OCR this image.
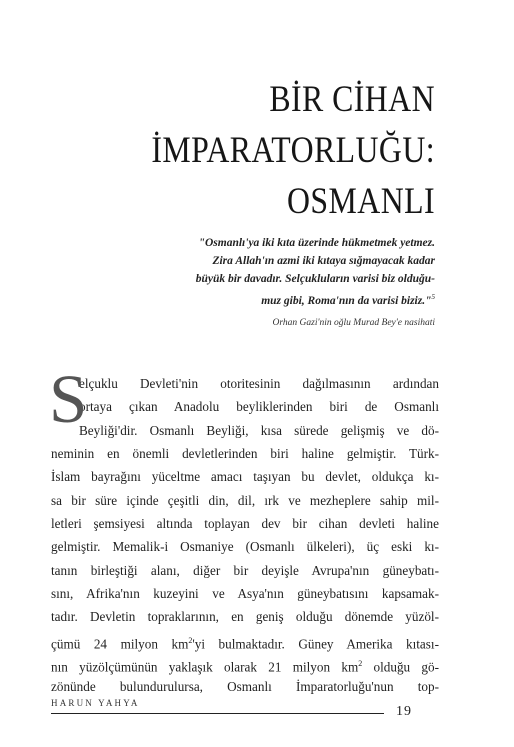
BİR CİHAN
İMPARATORLUĞU:
OSMANLI
"Osmanlı'ya iki kıta üzerinde hükmetmek yetmez.
Zira Allah'ın azmi iki kıtaya sığmayacak kadar
büyük bir davadır. Selçukluların varisi biz olduğu-
muz gibi, Roma'nın da varisi biziz."$^5$
Orhan Gazi'nin oğlu Murad Bey'e nasihati
S
elçuklu Devleti'nin otoritesinin dağılmasının ardından
ortaya çıkan Anadolu beyliklerinden biri de Osmanlı
Beyliği'dir. Osmanlı Beyliği, kısa sürede gelişmiş ve dö-
neminin en önemli devletlerinden biri haline gelmiştir. Türk-
İslam bayrağını yüceltme amacı taşıyan bu devlet, oldukça kı-
sa bir süre içinde çeşitli din, dil, ırk ve mezheplere sahip mil-
letleri şemsiyesi altında toplayan dev bir cihan devleti haline
gelmiştir. Memalik-i Osmaniye (Osmanlı ülkeleri), üç eski kı-
tanın birleştiği alanı, diğer bir deyişle Avrupa'nın güneybatı-
sını, Afrika'nın kuzeyini ve Asya'nın güneybatısını kapsamak-
tadır. Devletin topraklarının, en geniş olduğu dönemde yüzöl-
çümü 24 milyon $km^2'yi$ bulmaktadır. Güney Amerika kıtası-
nın yüzölçümünün yaklaşık olarak 21 milyon $km^2$ olduğu gö-
zönünde bulundurulursa, Osmanlı İmparatorluğu'nun top-
HARUN YAHYA
19
